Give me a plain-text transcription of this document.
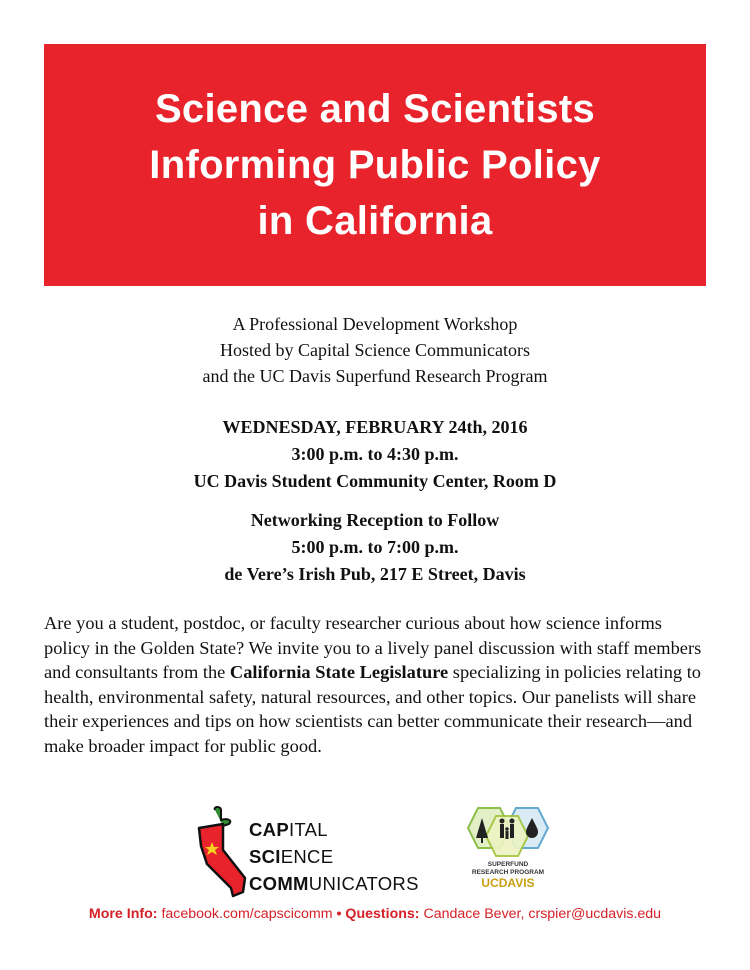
Science and Scientists
Informing Public Policy
in California
A Professional Development Workshop
Hosted by Capital Science Communicators
and the UC Davis Superfund Research Program
WEDNESDAY, FEBRUARY 24th, 2016
3:00 p.m. to 4:30 p.m.
UC Davis Student Community Center, Room D
Networking Reception to Follow
5:00 p.m. to 7:00 p.m.
de Vere’s Irish Pub, 217 E Street, Davis
Are you a student, postdoc, or faculty researcher curious about how science informs policy in the Golden State? We invite you to a lively panel discussion with staff members and consultants from the California State Legislature specializing in policies relating to health, environmental safety, natural resources, and other topics. Our panelists will share their experiences and tips on how scientists can better communicate their research—and make broader impact for public good.
CAPITAL
SCIENCE
COMMUNICATORS
SUPERFUND
RESEARCH PROGRAM
UCDAVIS
More Info: facebook.com/capscicomm • Questions: Candace Bever, crspier@ucdavis.edu
